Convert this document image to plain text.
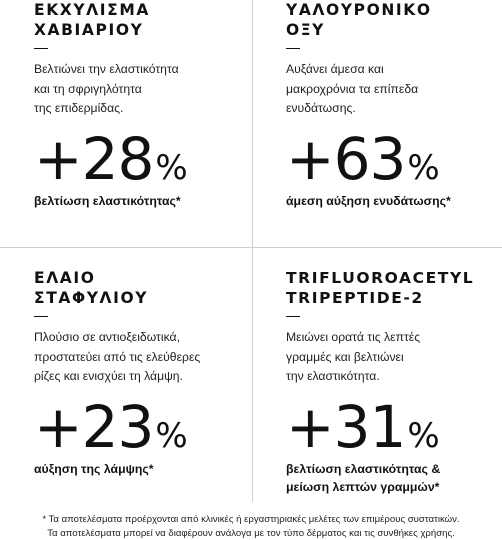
ΕΚΧΥΛΙΣΜΑ
ΧΑΒΙΑΡΙΟΥ

Βελτιώνει την ελαστικότητα
και τη σφριγηλότητα
της επιδερμίδας.

+28 %
βελτίωση ελαστικότητας*
ΥΑΛΟΥΡΟΝΙΚΟ
ΟΞΥ

Αυξάνει άμεσα και
μακροχρόνια τα επίπεδα
ενυδάτωσης.

+63 %
άμεση αύξηση ενυδάτωσης*
ΕΛΑΙΟ
ΣΤΑΦΥΛΙΟΥ

Πλούσιο σε αντιοξειδωτικά,
προστατεύει από τις ελεύθερες
ρίζες και ενισχύει τη λάμψη.

+23 %
αύξηση της λάμψης*
TRIFLUOROACETYL
TRIPEPTIDE-2

Μειώνει ορατά τις λεπτές
γραμμές και βελτιώνει
την ελαστικότητα.

+31 %
βελτίωση ελαστικότητας &
μείωση λεπτών γραμμών*
* Τα αποτελέσματα προέρχονται από κλινικές ή εργαστηριακές μελέτες των επιμέρους συστατικών.
Τα αποτελέσματα μπορεί να διαφέρουν ανάλογα με τον τύπο δέρματος και τις συνθήκες χρήσης.
